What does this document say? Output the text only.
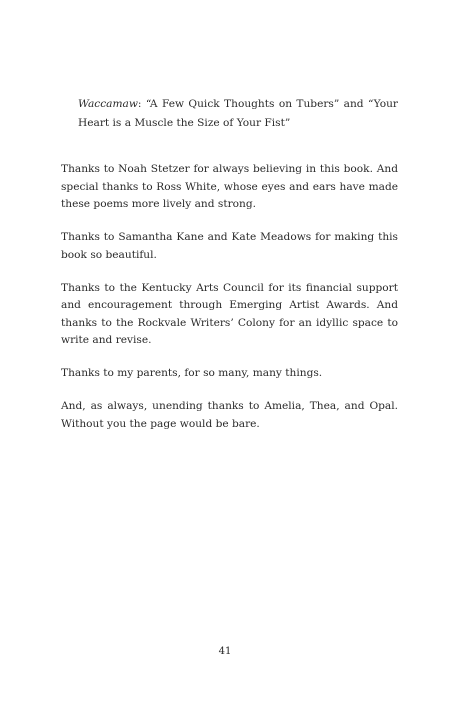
Waccamaw: “A Few Quick Thoughts on Tubers” and “Your Heart is a Muscle the Size of Your Fist”

Thanks to Noah Stetzer for always believing in this book. And special thanks to Ross White, whose eyes and ears have made these poems more lively and strong.

Thanks to Samantha Kane and Kate Meadows for making this book so beautiful.

Thanks to the Kentucky Arts Council for its financial support and encouragement through Emerging Artist Awards. And thanks to the Rockvale Writers’ Colony for an idyllic space to write and revise.

Thanks to my parents, for so many, many things.

And, as always, unending thanks to Amelia, Thea, and Opal. Without you the page would be bare.

41
